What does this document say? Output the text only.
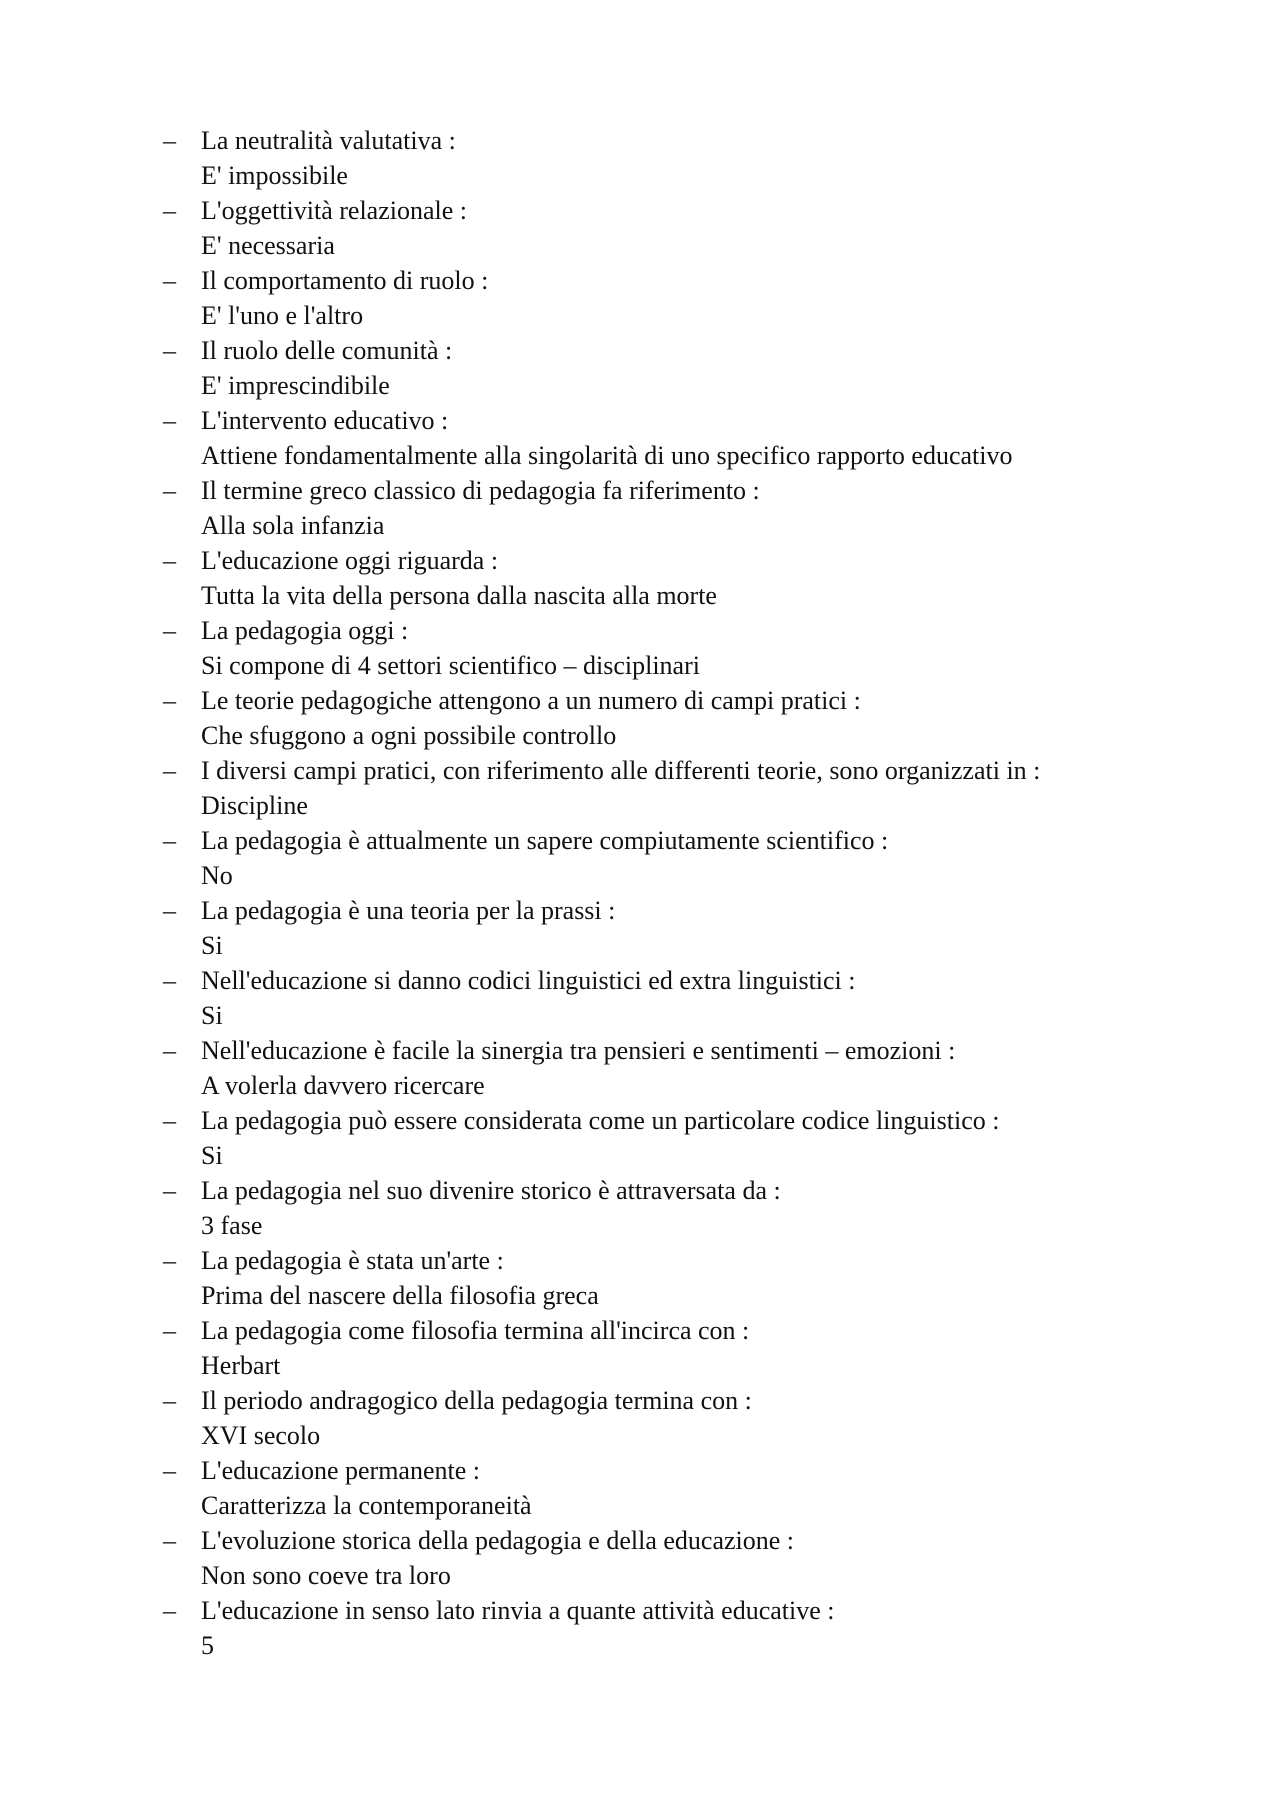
– La neutralità valutativa :
E' impossibile
– L'oggettività relazionale :
E' necessaria
– Il comportamento di ruolo :
E' l'uno e l'altro
– Il ruolo delle comunità :
E' imprescindibile
– L'intervento educativo :
Attiene fondamentalmente alla singolarità di uno specifico rapporto educativo
– Il termine greco classico di pedagogia fa riferimento :
Alla sola infanzia
– L'educazione oggi riguarda :
Tutta la vita della persona dalla nascita alla morte
– La pedagogia oggi :
Si compone di 4 settori scientifico – disciplinari
– Le teorie pedagogiche attengono a un numero di campi pratici :
Che sfuggono a ogni possibile controllo
– I diversi campi pratici, con riferimento alle differenti teorie, sono organizzati in :
Discipline
– La pedagogia è attualmente un sapere compiutamente scientifico :
No
– La pedagogia è una teoria per la prassi :
Si
– Nell'educazione si danno codici linguistici ed extra linguistici :
Si
– Nell'educazione è facile la sinergia tra pensieri e sentimenti – emozioni :
A volerla davvero ricercare
– La pedagogia può essere considerata come un particolare codice linguistico :
Si
– La pedagogia nel suo divenire storico è attraversata da :
3 fase
– La pedagogia è stata un'arte :
Prima del nascere della filosofia greca
– La pedagogia come filosofia termina all'incirca con :
Herbart
– Il periodo andragogico della pedagogia termina con :
XVI secolo
– L'educazione permanente :
Caratterizza la contemporaneità
– L'evoluzione storica della pedagogia e della educazione :
Non sono coeve tra loro
– L'educazione in senso lato rinvia a quante attività educative :
5
